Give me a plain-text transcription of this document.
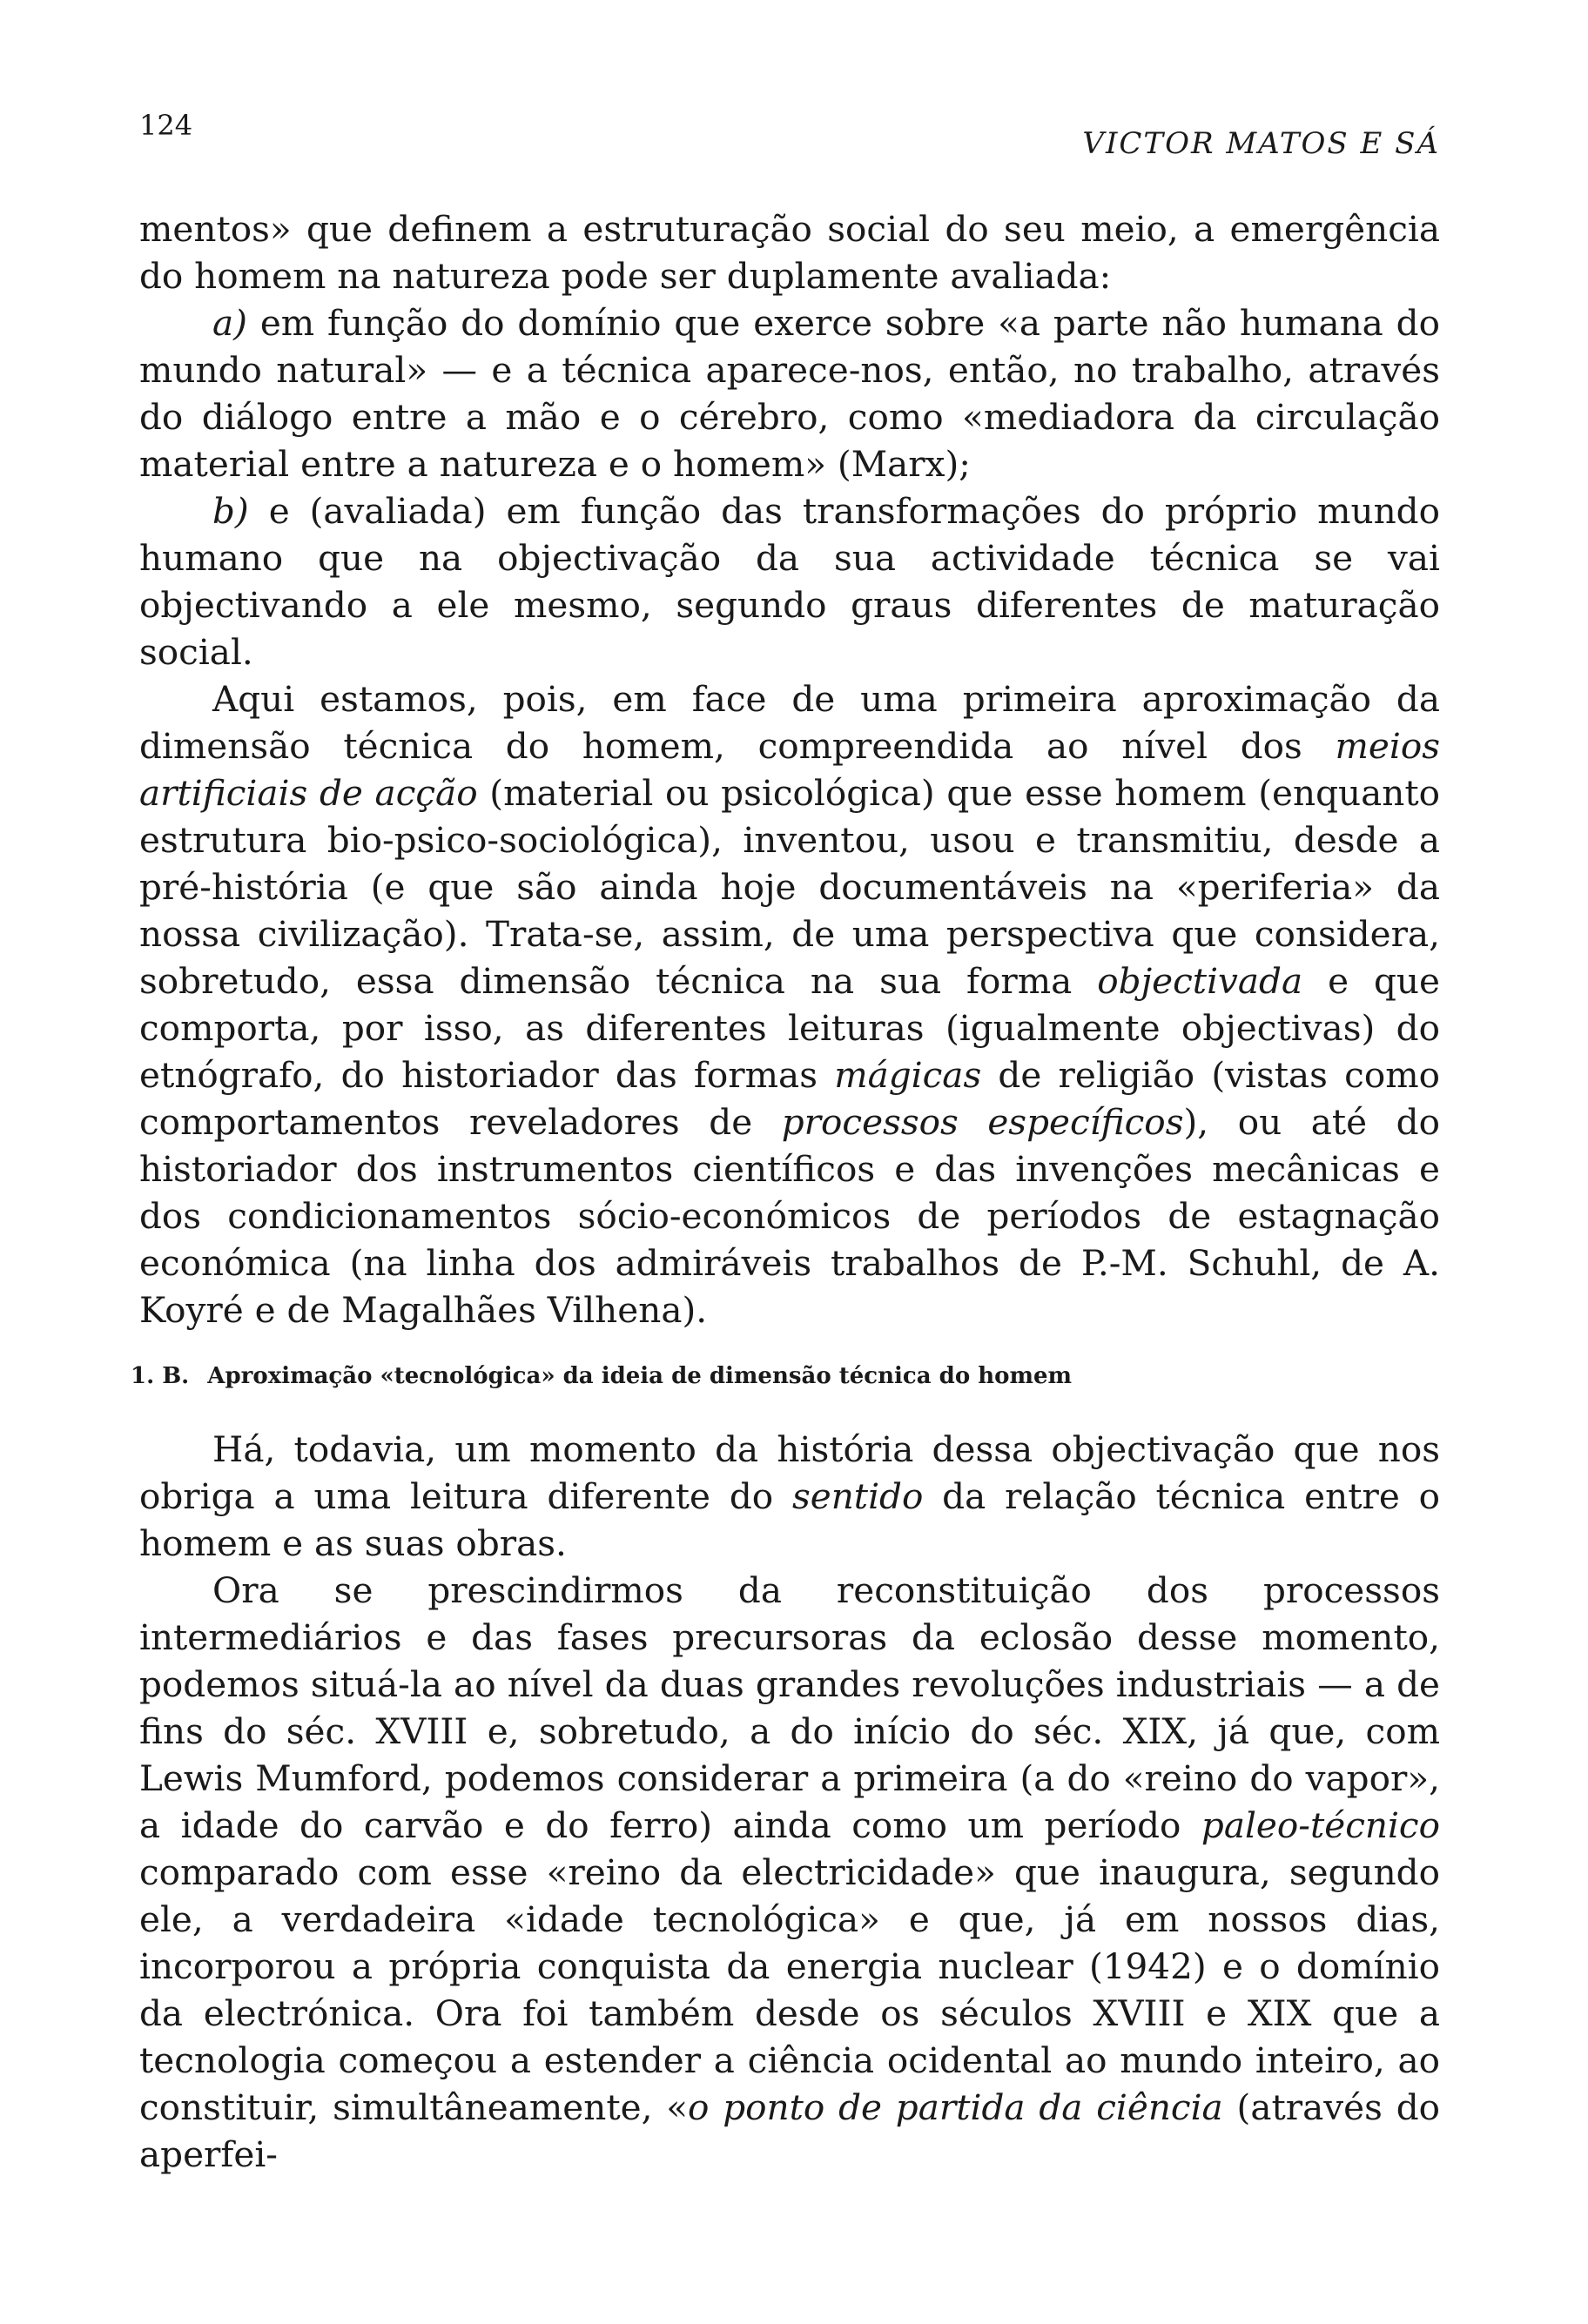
124
VICTOR MATOS E SÁ

mentos» que definem a estruturação social do seu meio, a emergência do homem na natureza pode ser duplamente avaliada:

a) em função do domínio que exerce sobre «a parte não humana do mundo natural» — e a técnica aparece-nos, então, no trabalho, através do diálogo entre a mão e o cérebro, como «mediadora da circulação material entre a natureza e o homem» (Marx);

b) e (avaliada) em função das transformações do próprio mundo humano que na objectivação da sua actividade técnica se vai objectivando a ele mesmo, segundo graus diferentes de maturação social.

Aqui estamos, pois, em face de uma primeira aproximação da dimensão técnica do homem, compreendida ao nível dos meios artificiais de acção (material ou psicológica) que esse homem (enquanto estrutura bio-psico-sociológica), inventou, usou e transmitiu, desde a pré-história (e que são ainda hoje documentáveis na «periferia» da nossa civilização). Trata-se, assim, de uma perspectiva que considera, sobretudo, essa dimensão técnica na sua forma objectivada e que comporta, por isso, as diferentes leituras (igualmente objectivas) do etnógrafo, do historiador das formas mágicas de religião (vistas como comportamentos reveladores de processos específicos), ou até do historiador dos instrumentos científicos e das invenções mecânicas e dos condicionamentos sócio-económicos de períodos de estagnação económica (na linha dos admiráveis trabalhos de P.-M. Schuhl, de A. Koyré e de Magalhães Vilhena).

1. B. Aproximação «tecnológica» da ideia de dimensão técnica do homem

Há, todavia, um momento da história dessa objectivação que nos obriga a uma leitura diferente do sentido da relação técnica entre o homem e as suas obras.

Ora se prescindirmos da reconstituição dos processos intermediários e das fases precursoras da eclosão desse momento, podemos situá-la ao nível da duas grandes revoluções industriais — a de fins do séc. XVIII e, sobretudo, a do início do séc. XIX, já que, com Lewis Mumford, podemos considerar a primeira (a do «reino do vapor», a idade do carvão e do ferro) ainda como um período paleo-técnico comparado com esse «reino da electricidade» que inaugura, segundo ele, a verdadeira «idade tecnológica» e que, já em nossos dias, incorporou a própria conquista da energia nuclear (1942) e o domínio da electrónica. Ora foi também desde os séculos XVIII e XIX que a tecnologia começou a estender a ciência ocidental ao mundo inteiro, ao constituir, simultâneamente, «o ponto de partida da ciência (através do aperfei-
